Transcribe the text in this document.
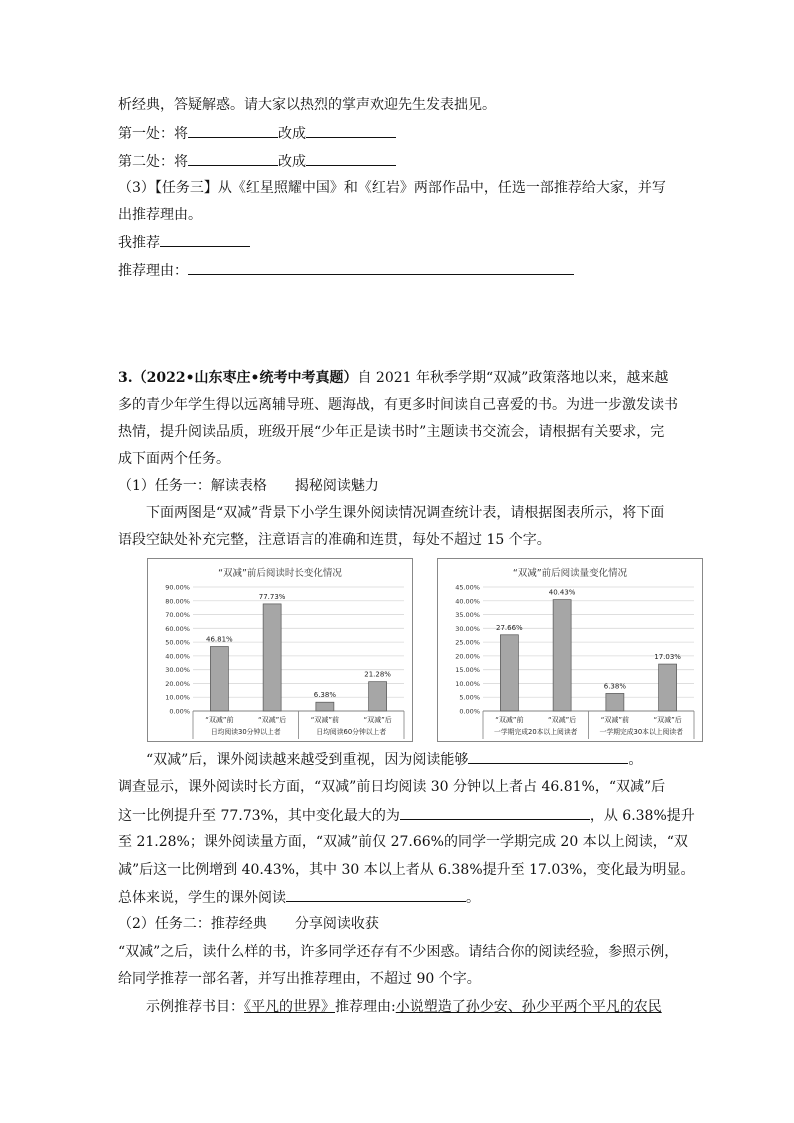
析经典，答疑解惑。请大家以热烈的掌声欢迎先生发表拙见。
第一处：将	改成
第二处：将	改成
（3）【任务三】从《红星照耀中国》和《红岩》两部作品中，任选一部推荐给大家，并写
出推荐理由。
我推荐
推荐理由：
3.（2022•山东枣庄•统考中考真题）自 2021 年秋季学期“双减”政策落地以来，越来越
多的青少年学生得以远离辅导班、题海战，有更多时间读自己喜爱的书。为进一步激发读书
热情，提升阅读品质，班级开展“少年正是读书时”主题读书交流会，请根据有关要求，完
成下面两个任务。
（1）任务一：解读表格　　揭秘阅读魅力
下面两图是“双减”背景下小学生课外阅读情况调查统计表，请根据图表所示，将下面
语段空缺处补充完整，注意语言的准确和连贯，每处不超过 15 个字。
“双减”前后阅读时长变化情况
0.00%
10.00%
20.00%
30.00%
40.00%
50.00%
60.00%
70.00%
80.00%
90.00%
46.81%
“双减”前
77.73%
“双减”后
6.38%
“双减”前
21.28%
“双减”后
日均阅读30分钟以上者	日均阅读60分钟以上者
“双减”前后阅读量变化情况
0.00%
5.00%
10.00%
15.00%
20.00%
25.00%
30.00%
35.00%
40.00%
45.00%
27.66%
“双减”前
40.43%
“双减”后
6.38%
“双减”前
17.03%
“双减”后
一学期完成20本以上阅读者	一学期完成30本以上阅读者
“双减”后，课外阅读越来越受到重视，因为阅读能够	。
调查显示，课外阅读时长方面，“双减”前日均阅读 30 分钟以上者占 46.81%，“双减”后
这一比例提升至 77.73%，其中变化最大的为	，从 6.38%提升
至 21.28%；课外阅读量方面，“双减”前仅 27.66%的同学一学期完成 20 本以上阅读，“双
减”后这一比例增到 40.43%，其中 30 本以上者从 6.38%提升至 17.03%，变化最为明显。
总体来说，学生的课外阅读	。
（2）任务二：推荐经典　　分享阅读收获
“双减”之后，读什么样的书，许多同学还存有不少困惑。请结合你的阅读经验，参照示例，
给同学推荐一部名著，并写出推荐理由，不超过 90 个字。
示例推荐书目：《平凡的世界》推荐理由:小说塑造了孙少安、孙少平两个平凡的农民
